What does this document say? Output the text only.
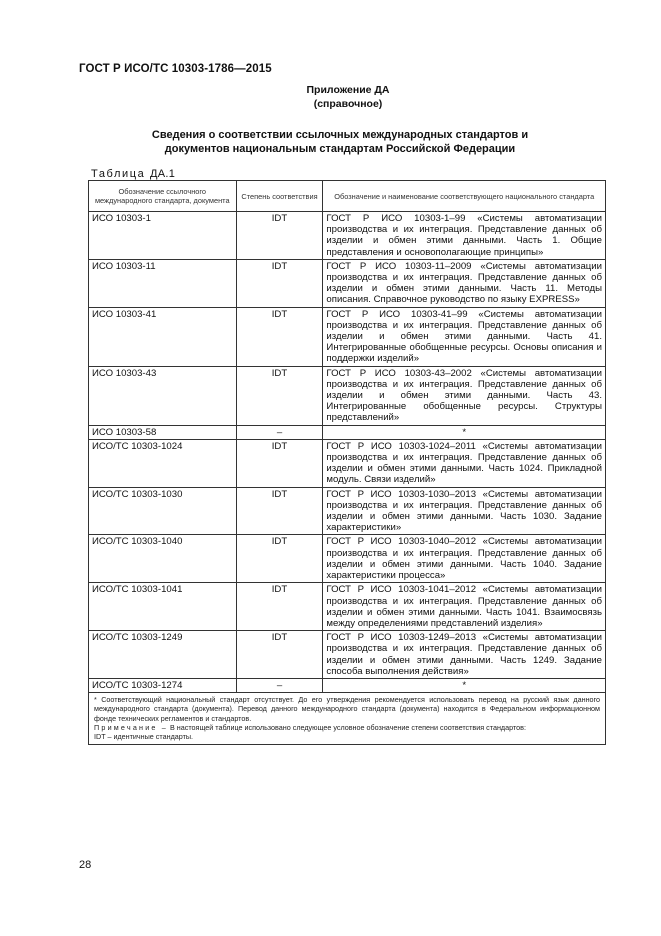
ГОСТ Р ИСО/ТС 10303-1786—2015
Приложение ДА
(справочное)
Сведения о соответствии ссылочных международных стандартов и
документов национальным стандартам Российской Федерации
Таблица ДА.1
Обозначение ссылочного международного стандарта, документа	Степень соответствия	Обозначение и наименование соответствующего национального стандарта
ИСО 10303-1	IDT	ГОСТ Р ИСО 10303-1–99 «Системы автоматизации производства и их интеграция. Представление данных об изделии и обмен этими данными. Часть 1. Общие представления и основополагающие принципы»
ИСО 10303-11	IDT	ГОСТ Р ИСО 10303-11–2009 «Системы автоматизации производства и их интеграция. Представление данных об изделии и обмен этими данными. Часть 11. Методы описания. Справочное руководство по языку EXPRESS»
ИСО 10303-41	IDT	ГОСТ Р ИСО 10303-41–99 «Системы автоматизации производства и их интеграция. Представление данных об изделии и обмен этими данными. Часть 41. Интегрированные обобщенные ресурсы. Основы описания и поддержки изделий»
ИСО 10303-43	IDT	ГОСТ Р ИСО 10303-43–2002 «Системы автоматизации производства и их интеграция. Представление данных об изделии и обмен этими данными. Часть 43. Интегрированные обобщенные ресурсы. Структуры представлений»
ИСО 10303-58	–	*
ИСО/ТС 10303-1024	IDT	ГОСТ Р ИСО 10303-1024–2011 «Системы автоматизации производства и их интеграция. Представление данных об изделии и обмен этими данными. Часть 1024. Прикладной модуль. Связи изделий»
ИСО/ТС 10303-1030	IDT	ГОСТ Р ИСО 10303-1030–2013 «Системы автоматизации производства и их интеграция. Представление данных об изделии и обмен этими данными. Часть 1030. Задание характеристики»
ИСО/ТС 10303-1040	IDT	ГОСТ Р ИСО 10303-1040–2012 «Системы автоматизации производства и их интеграция. Представление данных об изделии и обмен этими данными. Часть 1040. Задание характеристики процесса»
ИСО/ТС 10303-1041	IDT	ГОСТ Р ИСО 10303-1041–2012 «Системы автоматизации производства и их интеграция. Представление данных об изделии и обмен этими данными. Часть 1041. Взаимосвязь между определениями представлений изделия»
ИСО/ТС 10303-1249	IDT	ГОСТ Р ИСО 10303-1249–2013 «Системы автоматизации производства и их интеграция. Представление данных об изделии и обмен этими данными. Часть 1249. Задание способа выполнения действия»
ИСО/ТС 10303-1274	–	*

* Соответствующий национальный стандарт отсутствует. До его утверждения рекомендуется использовать перевод на русский язык данного международного стандарта (документа). Перевод данного международного стандарта (документа) находится в Федеральном информационном фонде технических регламентов и стандартов.
Примечание – В настоящей таблице использовано следующее условное обозначение степени соответствия стандартов:
IDT – идентичные стандарты.		
28
